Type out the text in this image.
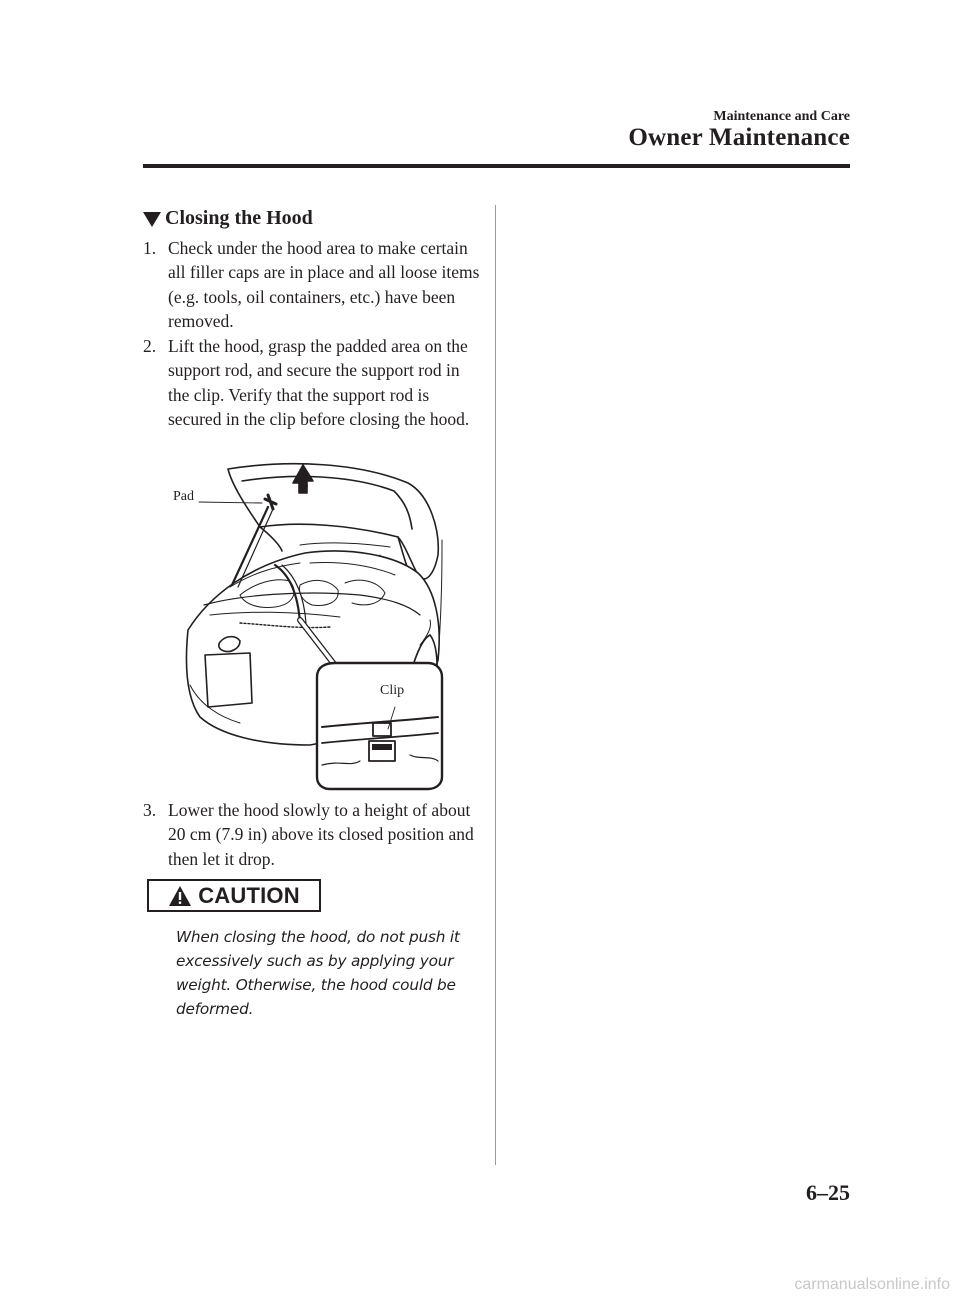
Maintenance and Care
Owner Maintenance
Closing the Hood
1. Check under the hood area to make certain all filler caps are in place and all loose items (e.g. tools, oil containers, etc.) have been removed.
2. Lift the hood, grasp the padded area on the support rod, and secure the support rod in the clip. Verify that the support rod is secured in the clip before closing the hood.
Pad
Clip
3. Lower the hood slowly to a height of about 20 cm (7.9 in) above its closed position and then let it drop.
CAUTION
When closing the hood, do not push it excessively such as by applying your weight. Otherwise, the hood could be deformed.
6–25
carmanualsonline.info
